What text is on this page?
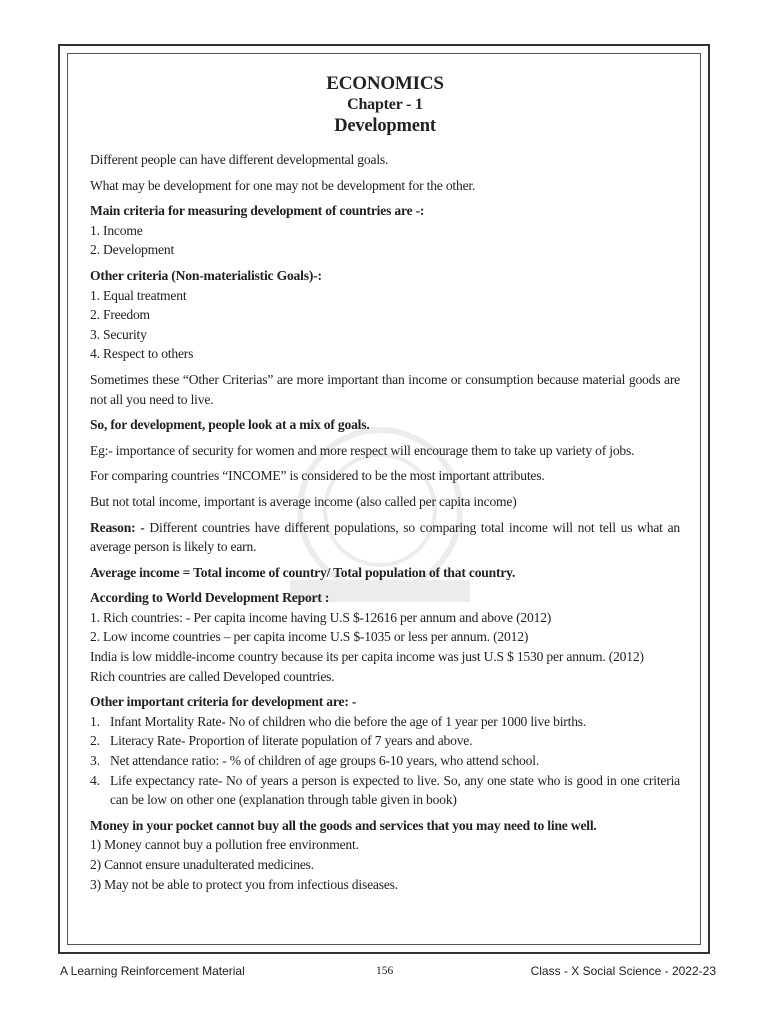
ECONOMICS
Chapter - 1
Development

Different people can have different developmental goals.

What may be development for one may not be development for the other.

Main criteria for measuring development of countries are -:
1. Income
2. Development
Other criteria (Non-materialistic Goals)-:
1. Equal treatment
2. Freedom
3. Security
4. Respect to others

Sometimes these “Other Criterias” are more important than income or consumption because material goods are not all you need to live.

So, for development, people look at a mix of goals.

Eg:- importance of security for women and more respect will encourage them to take up variety of jobs.

For comparing countries “INCOME” is considered to be the most important attributes.

But not total income, important is average income (also called per capita income)

Reason: - Different countries have different populations, so comparing total income will not tell us what an average person is likely to earn.

Average income = Total income of country/ Total population of that country.

According to World Development Report :
1. Rich countries: - Per capita income having U.S $-12616 per annum and above (2012)
2. Low income countries – per capita income U.S $-1035 or less per annum. (2012)
India is low middle-income country because its per capita income was just U.S $ 1530 per annum. (2012)

Rich countries are called Developed countries.

Other important criteria for development are: -
1. Infant Mortality Rate- No of children who die before the age of 1 year per 1000 live births.
2. Literacy Rate- Proportion of literate population of 7 years and above.
3. Net attendance ratio: - % of children of age groups 6-10 years, who attend school.
4. Life expectancy rate- No of years a person is expected to live. So, any one state who is good in one criteria can be low on other one (explanation through table given in book)
Money in your pocket cannot buy all the goods and services that you may need to line well.
1) Money cannot buy a pollution free environment.
2) Cannot ensure unadulterated medicines.
3) May not be able to protect you from infectious diseases.
A Learning Reinforcement Material	156	Class - X Social Science - 2022-23
